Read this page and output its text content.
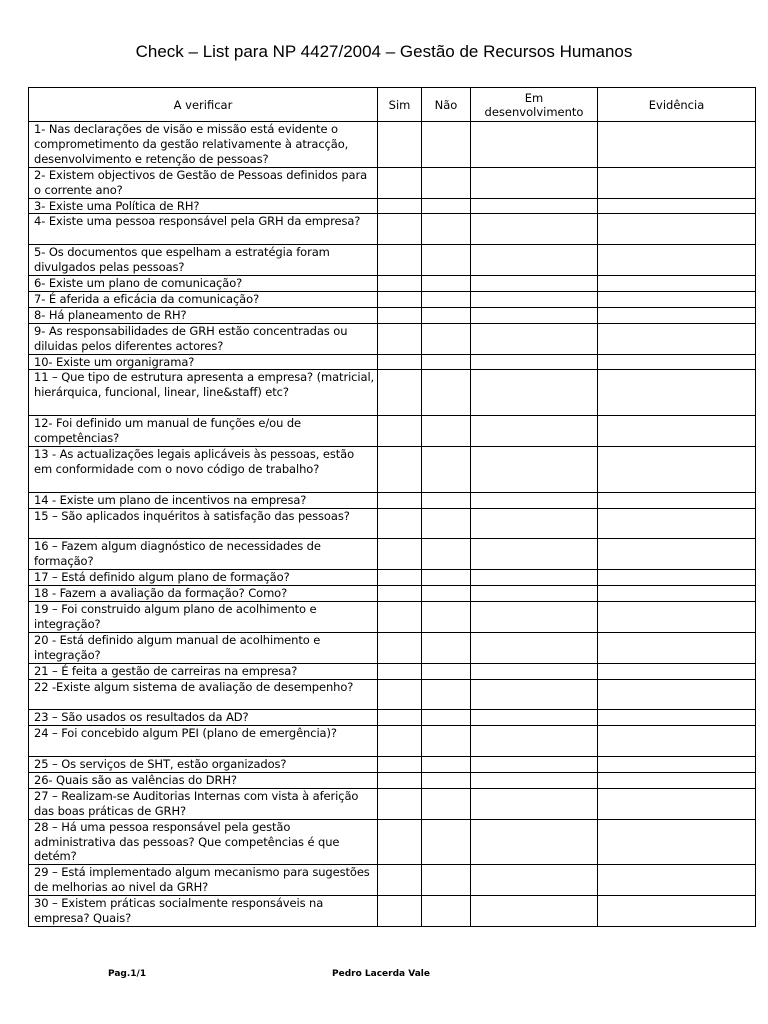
Check – List para NP 4427/2004 – Gestão de Recursos Humanos
A verificar	Sim	Não	Em desenvolvimento	Evidência
1- Nas declarações de visão e missão está evidente o comprometimento da gestão relativamente à atracção, desenvolvimento e retenção de pessoas?				
2- Existem objectivos de Gestão de Pessoas definidos para o corrente ano?				
3- Existe uma Política de RH?				
4- Existe uma pessoa responsável pela GRH da empresa?				
5- Os documentos que espelham a estratégia foram divulgados pelas pessoas?				
6- Existe um plano de comunicação?				
7- É aferida a eficácia da comunicação?				
8- Há planeamento de RH?				
9- As responsabilidades de GRH estão concentradas ou diluidas pelos diferentes actores?				
10- Existe um organigrama?				
11 – Que tipo de estrutura apresenta a empresa? (matricial, hierárquica, funcional, linear, line&staff) etc?				
12- Foi definido um manual de funções e/ou de competências?				
13 - As actualizações legais aplicáveis às pessoas, estão em conformidade com o novo código de trabalho?				
14 - Existe um plano de incentivos na empresa?				
15 – São aplicados inquéritos à satisfação das pessoas?				
16 – Fazem algum diagnóstico de necessidades de formação?				
17 – Está definido algum plano de formação?				
18 - Fazem a avaliação da formação? Como?				
19 – Foi construido algum plano de acolhimento e integração?				
20 - Está definido algum manual de acolhimento e integração?				
21 – É feita a gestão de carreiras na empresa?				
22 -Existe algum sistema de avaliação de desempenho?				
23 – São usados os resultados da AD?				
24 – Foi concebido algum PEI (plano de emergência)?				
25 – Os serviços de SHT, estão organizados?				
26- Quais são as valências do DRH?				
27 – Realizam-se Auditorias Internas com vista à aferição das boas práticas de GRH?				
28 – Há uma pessoa responsável pela gestão administrativa das pessoas? Que competências é que detém?				
29 – Está implementado algum mecanismo para sugestões de melhorias ao nivel da GRH?				
30 – Existem práticas socialmente responsáveis na empresa? Quais?				
Pag.1/1	Pedro Lacerda Vale
